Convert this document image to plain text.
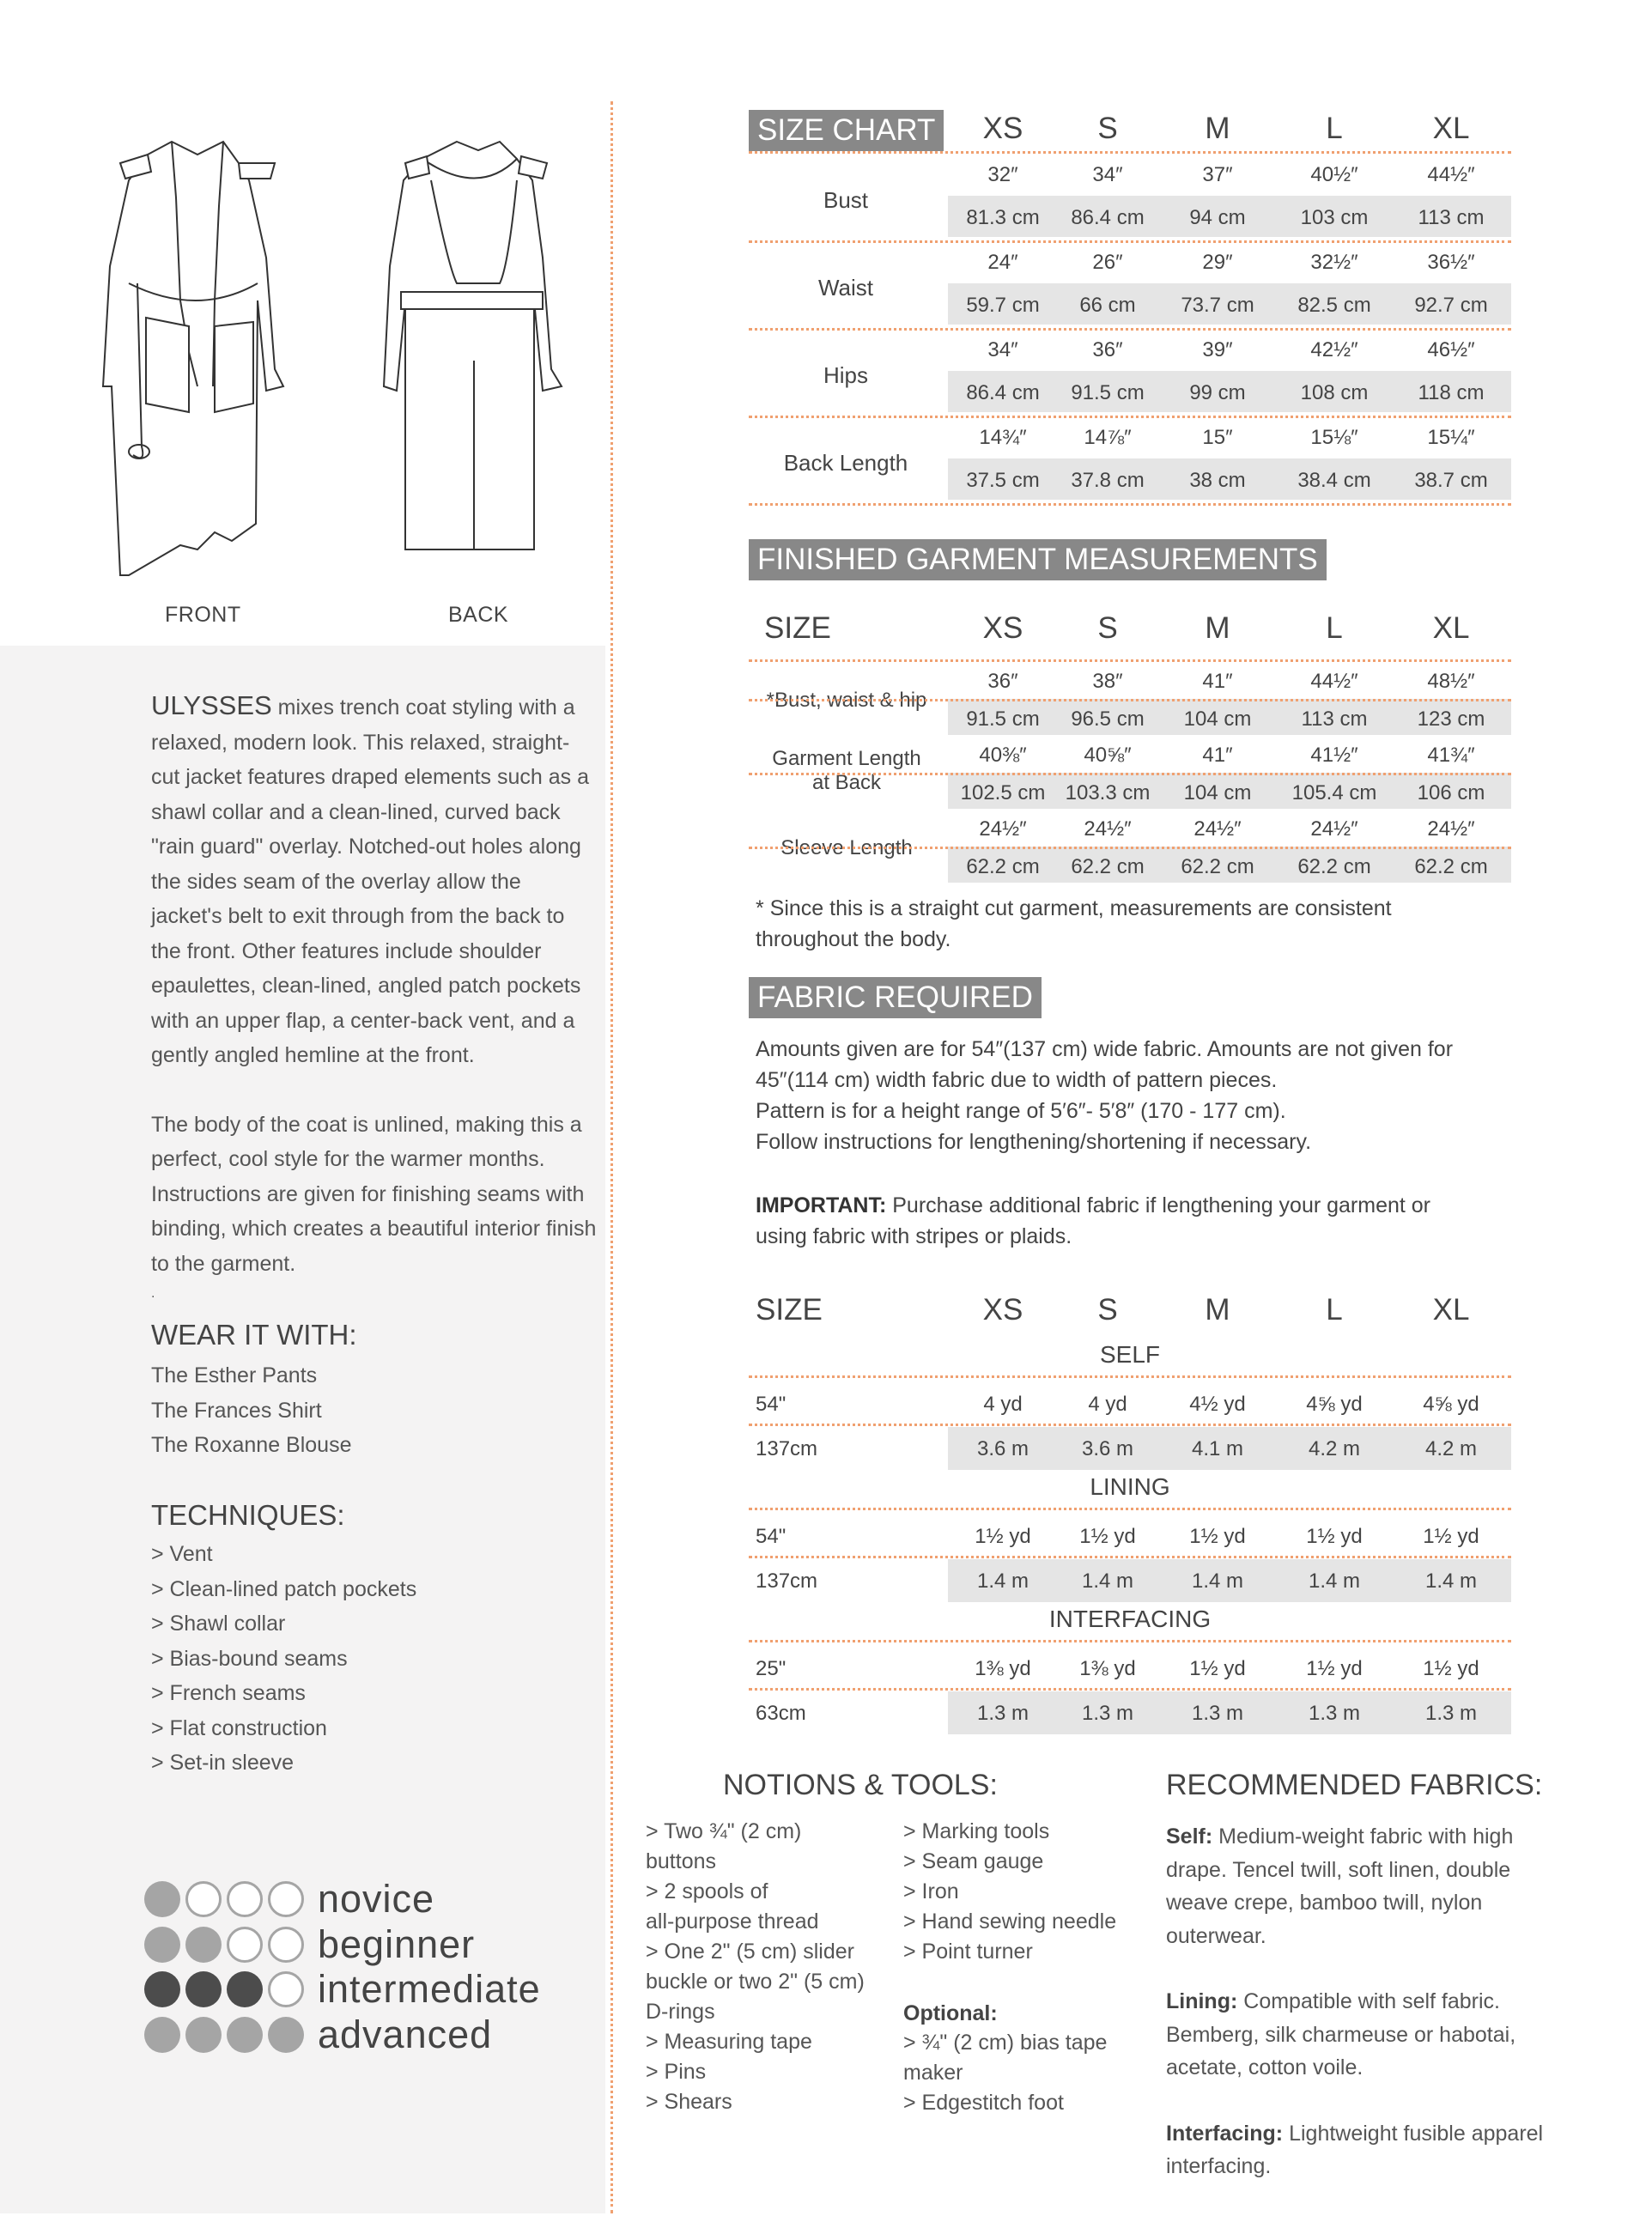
FRONT	BACK

ULYSSES mixes trench coat styling with a relaxed, modern look. This relaxed, straight-cut jacket features draped elements such as a shawl collar and a clean-lined, curved back "rain guard" overlay. Notched-out holes along the sides seam of the overlay allow the jacket's belt to exit through from the back to the front. Other features include shoulder epaulettes, clean-lined, angled patch pockets with an upper flap, a center-back vent, and a gently angled hemline at the front.

The body of the coat is unlined, making this a perfect, cool style for the warmer months. Instructions are given for finishing seams with binding, which creates a beautiful interior finish to the garment.

.

WEAR IT WITH:
The Esther Pants
The Frances Shirt
The Roxanne Blouse
TECHNIQUES:
> Vent
> Clean-lined patch pockets
> Shawl collar
> Bias-bound seams
> French seams
> Flat construction
> Set-in sleeve
novice
beginner
intermediate
advanced
SIZE CHART	XS	S	M	L	XL
Bust
32″	34″	37″	40½″	44½″
81.3 cm	86.4 cm	94 cm	103 cm	113 cm
Waist
24″	26″	29″	32½″	36½″
59.7 cm	66 cm	73.7 cm	82.5 cm	92.7 cm
Hips
34″	36″	39″	42½″	46½″
86.4 cm	91.5 cm	99 cm	108 cm	118 cm
Back Length
14¾″	14⅞″	15″	15⅛″	15¼″
37.5 cm	37.8 cm	38 cm	38.4 cm	38.7 cm
FINISHED GARMENT MEASUREMENTS
SIZE	XS	S	M	L	XL
*Bust, waist & hip
36″	38″	41″	44½″	48½″
91.5 cm	96.5 cm	104 cm	113 cm	123 cm
Garment Length
at Back
40⅜″	40⅝″	41″	41½″	41¾″
102.5 cm 103.3 cm	104 cm	105.4 cm	106 cm
Sleeve Length
24½″	24½″	24½″	24½″	24½″
62.2 cm	62.2 cm	62.2 cm	62.2 cm	62.2 cm
FABRIC REQUIRED
SIZE	XS	S	M	L	XL
SELF
54"	4 yd	4 yd	4½ yd	4⅝ yd	4⅝ yd
137cm	3.6 m	3.6 m	4.1 m	4.2 m	4.2 m
LINING
54"	1½ yd	1½ yd	1½ yd	1½ yd	1½ yd
137cm	1.4 m	1.4 m	1.4 m	1.4 m	1.4 m
INTERFACING
25"	1⅜ yd	1⅜ yd	1½ yd	1½ yd	1½ yd
63cm	1.3 m	1.3 m	1.3 m	1.3 m	1.3 m

Amounts given are for 54″(137 cm) wide fabric. Amounts are not given for

45″(114 cm) width fabric due to width of pattern pieces.

Pattern is for a height range of 5′6″- 5′8″ (170 - 177 cm).

Follow instructions for lengthening/shortening if necessary.

IMPORTANT: Purchase additional fabric if lengthening your garment or using fabric with stripes or plaids.

* Since this is a straight cut garment, measurements are consistent throughout the body.
NOTIONS & TOOLS:
> Two ¾" (2 cm)
buttons
> 2 spools of
all-purpose thread
> One 2" (5 cm) slider
buckle or two 2" (5 cm)
D-rings
> Measuring tape
> Pins
> Shears
> Marking tools
> Seam gauge
> Iron
> Hand sewing needle
> Point turner
Optional:
> ¾" (2 cm) bias tape
maker
> Edgestitch foot
RECOMMENDED FABRICS:

Self: Medium-weight fabric with high drape. Tencel twill, soft linen, double weave crepe, bamboo twill, nylon outerwear.

Lining: Compatible with self fabric. Bemberg, silk charmeuse or habotai, acetate, cotton voile.

Interfacing: Lightweight fusible apparel interfacing.
